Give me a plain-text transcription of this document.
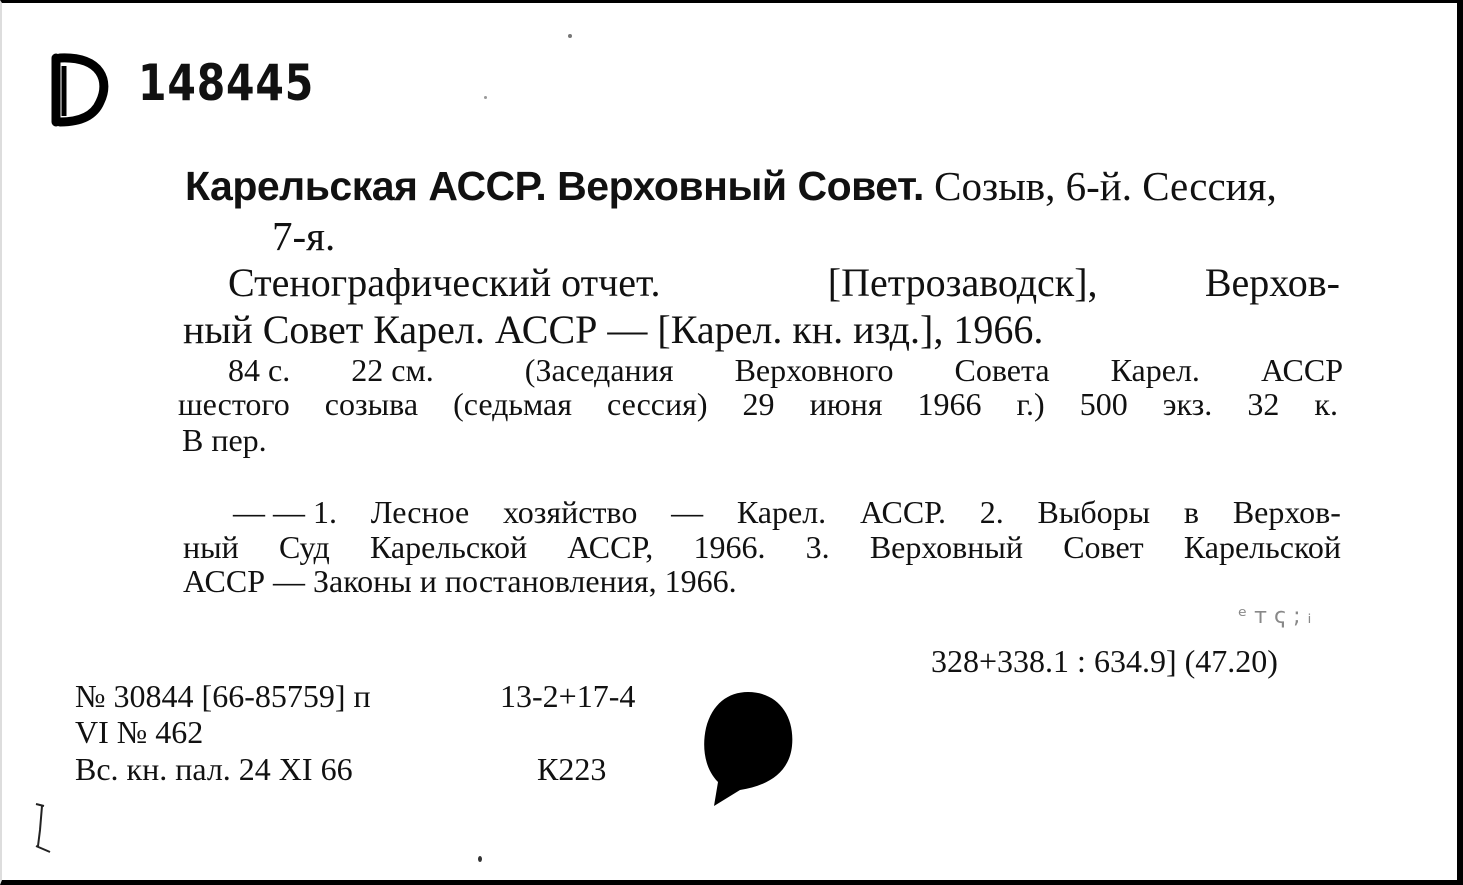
148445
Карельская АССР. Верховный Совет. Созыв, 6-й. Сессия,
7-я.
Стенографический отчет.	[Петрозаводск],	Верхов-
ный Совет Карел. АССР — [Карел. кн. изд.], 1966.
84 с. 22 см.	(Заседания Верховного Совета Карел. АССР
шестого созыва (седьмая сессия) 29 июня 1966 г.) 500 экз. 32 к.
В пер.
— — 1. Лесное хозяйство — Карел. АССР. 2. Выборы в Верхов-
ный Суд Карельской АССР, 1966. 3. Верховный Совет Карельской
АССР — Законы и постановления, 1966.
ᵉ т ҁ ; ᵢ
328+338.1 : 634.9] (47.20)
№ 30844 [66-85759] п	13-2+17-4
VI № 462
Вс. кн. пал. 24 XI 66	К223
